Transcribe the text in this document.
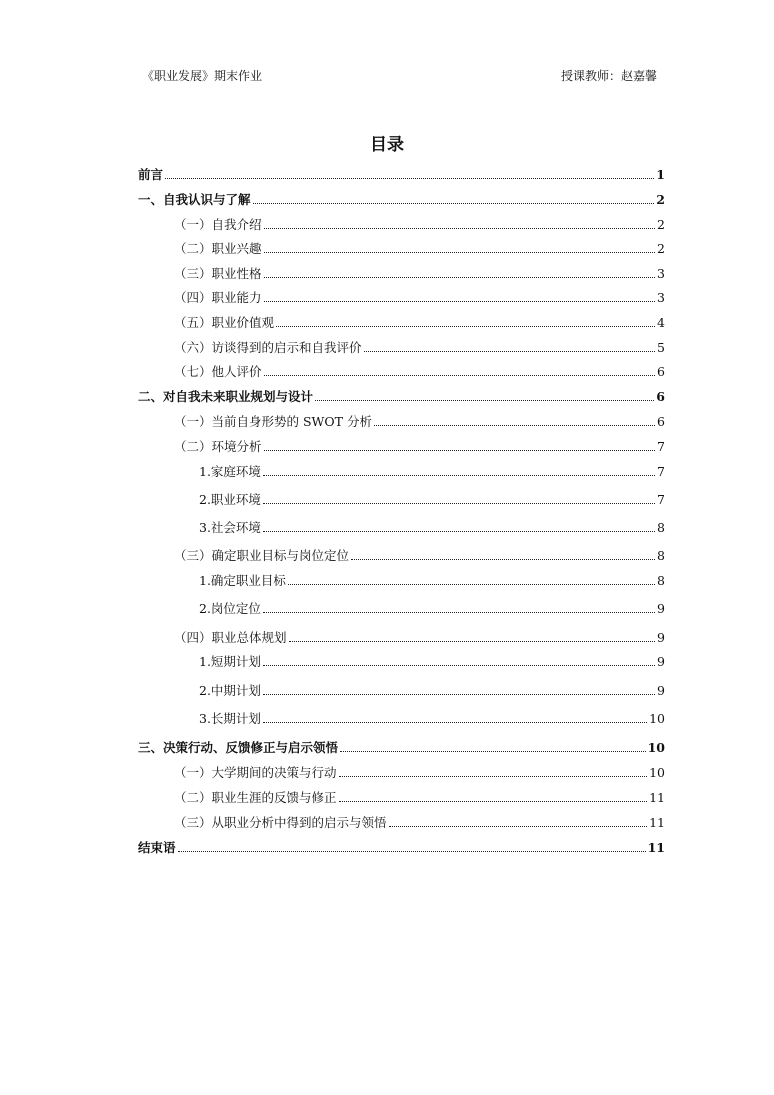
《职业发展》期末作业	授课教师：赵嘉馨
目录
前言	1
一、自我认识与了解	2
（一）自我介绍	2
（二）职业兴趣	2
（三）职业性格	3
（四）职业能力	3
（五）职业价值观	4
（六）访谈得到的启示和自我评价	5
（七）他人评价	6
二、对自我未来职业规划与设计	6
（一）当前自身形势的 SWOT 分析	6
（二）环境分析	7
1.家庭环境	7
2.职业环境	7
3.社会环境	8
（三）确定职业目标与岗位定位	8
1.确定职业目标	8
2.岗位定位	9
（四）职业总体规划	9
1.短期计划	9
2.中期计划	9
3.长期计划	10
三、决策行动、反馈修正与启示领悟	10
（一）大学期间的决策与行动	10
（二）职业生涯的反馈与修正	11
（三）从职业分析中得到的启示与领悟	11
结束语	11
